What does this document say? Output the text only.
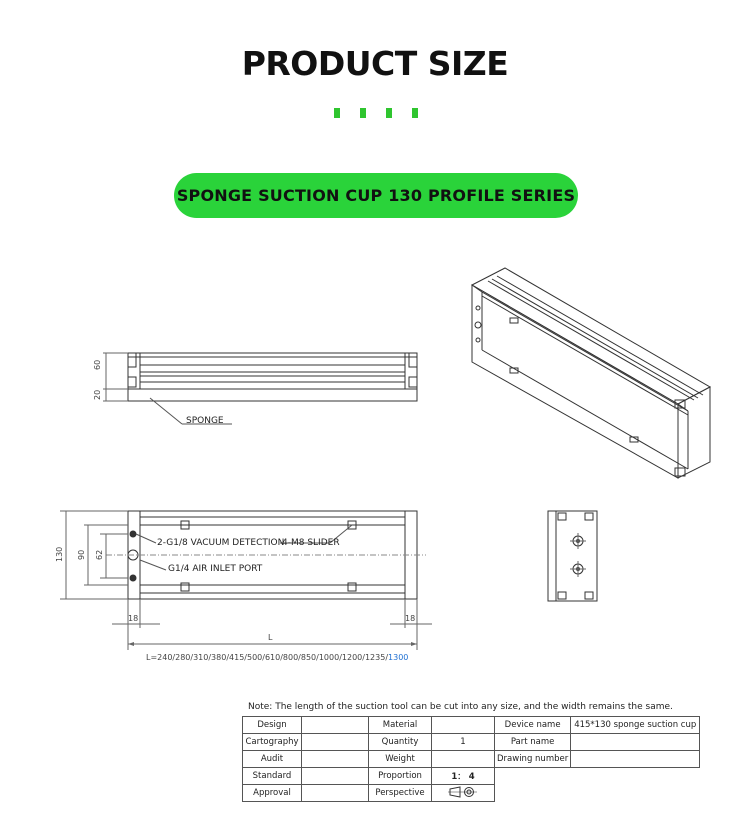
PRODUCT SIZE
SPONGE SUCTION CUP 130 PROFILE SERIES
60
20
SPONGE
2-G1/8 VACUUM DETECTION
4-M8 SLIDER
G1/4 AIR INLET PORT
130 90 62
18	18
L
L=240/280/310/380/415/500/610/800/850/1000/1200/1235/1300
Note: The length of the suction tool can be cut into any size, and the width remains the same.
Design		Material		Device name	415*130 sponge suction cup
Cartography		Quantity	1	Part name	
Audit		Weight		Drawing number	
Standard		Proportion	1： 4		
Approval		Perspective			
